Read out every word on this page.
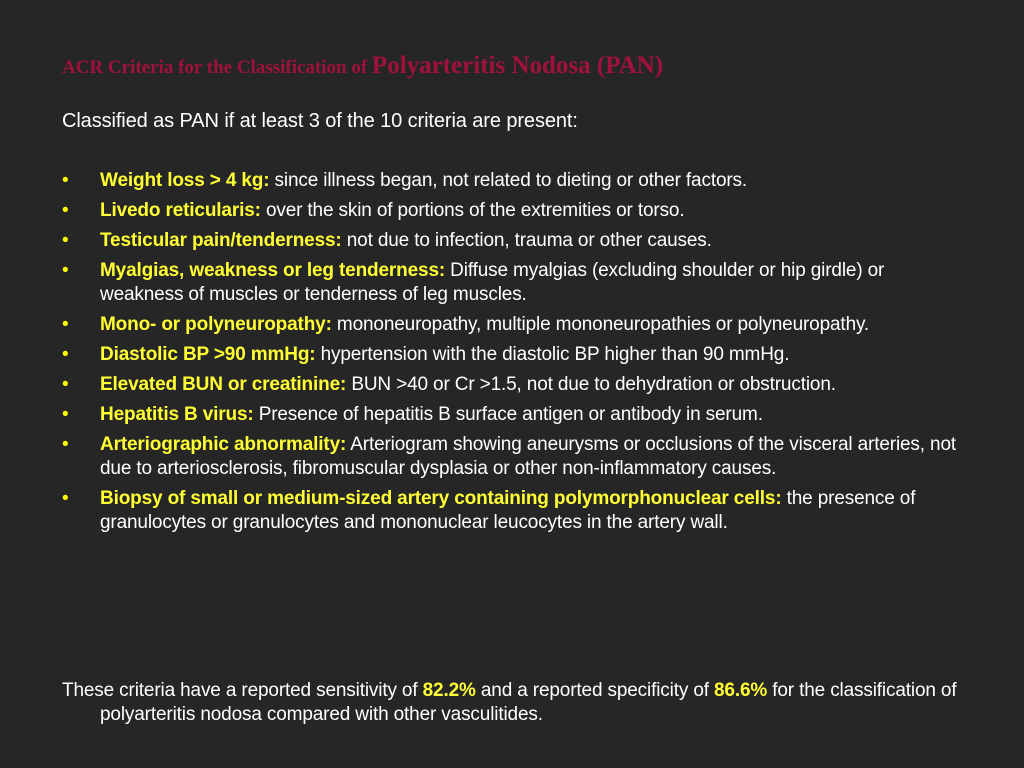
ACR Criteria for the Classification of Polyarteritis Nodosa (PAN)
Classified as PAN if at least 3 of the 10 criteria are present:
• Weight loss > 4 kg: since illness began, not related to dieting or other factors.
• Livedo reticularis: over the skin of portions of the extremities or torso.
• Testicular pain/tenderness: not due to infection, trauma or other causes.
• Myalgias, weakness or leg tenderness: Diffuse myalgias (excluding shoulder or hip girdle) or weakness of muscles or tenderness of leg muscles.
• Mono- or polyneuropathy: mononeuropathy, multiple mononeuropathies or polyneuropathy.
• Diastolic BP >90 mmHg: hypertension with the diastolic BP higher than 90 mmHg.
• Elevated BUN or creatinine: BUN >40 or Cr >1.5, not due to dehydration or obstruction.
• Hepatitis B virus: Presence of hepatitis B surface antigen or antibody in serum.
• Arteriographic abnormality: Arteriogram showing aneurysms or occlusions of the visceral arteries, not due to arteriosclerosis, fibromuscular dysplasia or other non-inflammatory causes.
• Biopsy of small or medium-sized artery containing polymorphonuclear cells: the presence of granulocytes or granulocytes and mononuclear leucocytes in the artery wall.
These criteria have a reported sensitivity of 82.2% and a reported specificity of 86.6% for the classification of polyarteritis nodosa compared with other vasculitides.
